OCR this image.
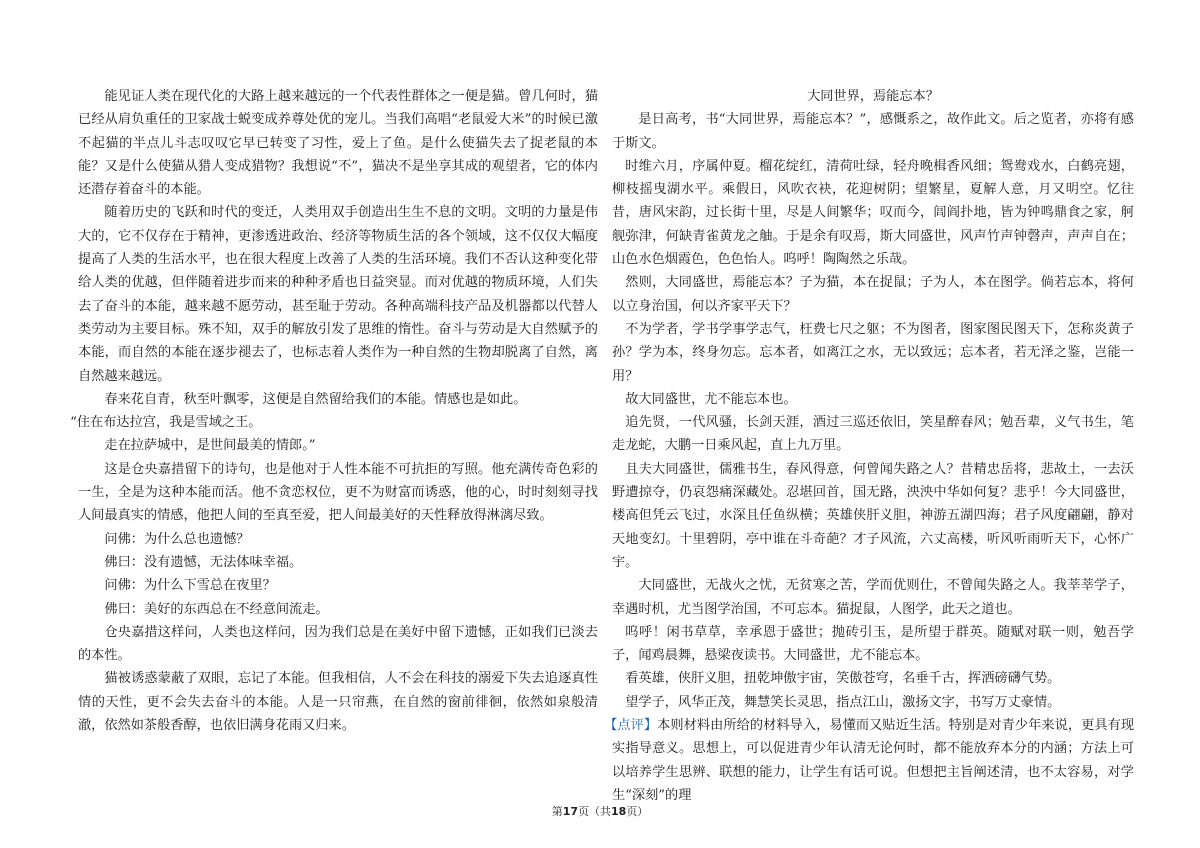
能见证人类在现代化的大路上越来越远的一个代表性群体之一便是猫。曾几何时，猫已经从肩负重任的卫家战士蜕变成养尊处优的宠儿。当我们高唱“老鼠爱大米”的时候已激不起猫的半点儿斗志叹叹它早已转变了习性，爱上了鱼。是什么使猫失去了捉老鼠的本能？又是什么使猫从猎人变成猎物？我想说“不”，猫决不是坐享其成的观望者，它的体内还潜存着奋斗的本能。

随着历史的飞跃和时代的变迁，人类用双手创造出生生不息的文明。文明的力量是伟大的，它不仅存在于精神，更渗透进政治、经济等物质生活的各个领域，这不仅仅大幅度提高了人类的生活水平，也在很大程度上改善了人类的生活环境。我们不否认这种变化带给人类的优越，但伴随着进步而来的种种矛盾也日益突显。而对优越的物质环境，人们失去了奋斗的本能，越来越不愿劳动，甚至耻于劳动。各种高端科技产品及机器都以代替人类劳动为主要目标。殊不知，双手的解放引发了思维的惰性。奋斗与劳动是大自然赋予的本能，而自然的本能在逐步褪去了，也标志着人类作为一种自然的生物却脱离了自然，离自然越来越远。

春来花自青，秋至叶飘零，这便是自然留给我们的本能。情感也是如此。

“住在布达拉宫，我是雪域之王。

走在拉萨城中，是世间最美的情郎。”

这是仓央嘉措留下的诗句，也是他对于人性本能不可抗拒的写照。他充满传奇色彩的一生，全是为这种本能而活。他不贪恋权位，更不为财富而诱惑，他的心，时时刻刻寻找人间最真实的情感，他把人间的至真至爱，把人间最美好的天性释放得淋漓尽致。

问佛：为什么总也遗憾？

佛曰：没有遗憾，无法体味幸福。

问佛：为什么下雪总在夜里？

佛曰：美好的东西总在不经意间流走。

仓央嘉措这样问，人类也这样问，因为我们总是在美好中留下遗憾，正如我们已淡去的本性。

猫被诱惑蒙蔽了双眼，忘记了本能。但我相信，人不会在科技的溺爱下失去追逐真性情的天性，更不会失去奋斗的本能。人是一只帘燕，在自然的窗前徘徊，依然如泉般清澈，依然如茶般香醇，也依旧满身花雨又归来。

大同世界，焉能忘本？

是日高考，书“大同世界，焉能忘本？”，感慨系之，故作此文。后之览者，亦将有感于斯文。

时维六月，序属仲夏。榴花绽红，清荷吐绿，轻舟晚楫香风细；鸳鸯戏水，白鹤亮翅，柳枝摇曳湖水平。乘假日，风吹衣袂，花迎树阴；望繁星，夏解人意，月又明空。忆往昔，唐风宋韵，过长街十里，尽是人间繁华；叹而今，闾阎扑地，皆为钟鸣鼎食之家，舸舰弥津，何缺青雀黄龙之舳。于是余有叹焉，斯大同盛世，风声竹声钟磬声，声声自在；山色水色烟霞色，色色怡人。呜呼！陶陶然之乐哉。

然则，大同盛世，焉能忘本？子为猫，本在捉鼠；子为人，本在图学。倘若忘本，将何以立身治国，何以齐家平天下？

不为学者，学书学事学志气，枉费七尺之躯；不为图者，图家图民图天下，怎称炎黄子孙？学为本，终身勿忘。忘本者，如离江之水，无以致远；忘本者，若无泽之鉴，岂能一用？

故大同盛世，尤不能忘本也。

追先贤，一代风骚，长剑天涯，酒过三巡还依旧，笑星醉春风；勉吾辈，义气书生，笔走龙蛇，大鹏一日乘风起，直上九万里。

且夫大同盛世，儒雅书生，春风得意，何曾闻失路之人？昔精忠岳将，悲故土，一去沃野遭掠夺，仍哀怨痛深藏处。忍堪回首，国无路，泱泱中华如何复？悲乎！今大同盛世，楼高但凭云飞过，水深且任鱼纵横；英雄侠肝义胆，神游五湖四海；君子风度翩翩，静对天地变幻。十里碧阴，亭中谁在斗奇葩？才子风流，六丈高楼，听风听雨听天下，心怀广宇。

大同盛世，无战火之忧，无贫寒之苦，学而优则仕，不曾闻失路之人。我莘莘学子，幸遇时机，尤当图学治国，不可忘本。猫捉鼠，人图学，此天之道也。

呜呼！闲书草草，幸承恩于盛世；抛砖引玉，是所望于群英。随赋对联一则，勉吾学子，闻鸡晨舞，悬梁夜读书。大同盛世，尤不能忘本。

看英雄，侠肝义胆，扭乾坤傲宇宙，笑傲苍穹，名垂千古，挥洒磅礴气势。

望学子，风华正茂，舞慧笑长灵思，指点江山，激扬文字，书写万丈豪情。

【点评】本则材料由所给的材料导入，易懂而又贴近生活。特别是对青少年来说，更具有现实指导意义。思想上，可以促进青少年认清无论何时，都不能放弃本分的内涵；方法上可以培养学生思辨、联想的能力，让学生有话可说。但想把主旨阐述清，也不太容易，对学生“深刻”的理

第17页（共18页）
